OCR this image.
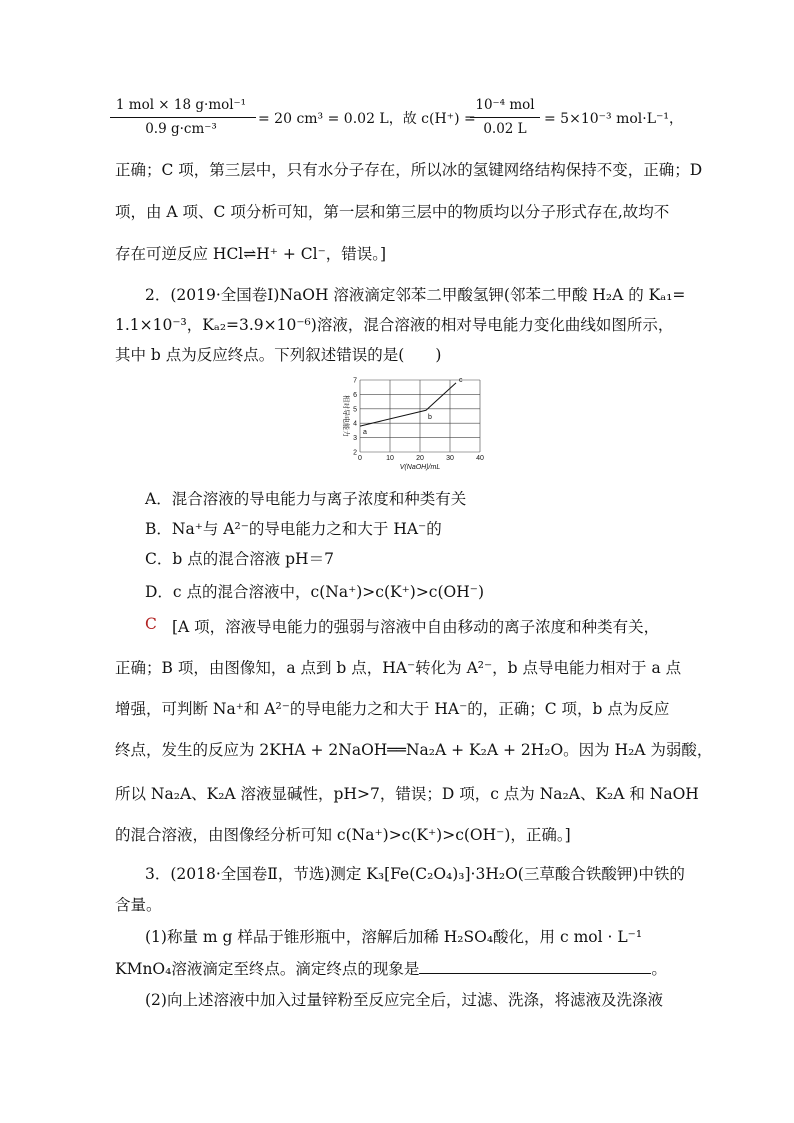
1 mol × 18 g·mol⁻¹
0.9 g·cm⁻³
= 20 cm³ = 0.02 L，故 c(H⁺) =
10⁻⁴ mol
0.02 L
= 5×10⁻³ mol·L⁻¹，
正确；C 项，第三层中，只有水分子存在，所以冰的氢键网络结构保持不变，正确；D
项，由 A 项、C 项分析可知，第一层和第三层中的物质均以分子形式存在,故均不
存在可逆反应 HCl⇌H⁺ + Cl⁻，错误。]
2．(2019·全国卷Ⅰ)NaOH 溶液滴定邻苯二甲酸氢钾(邻苯二甲酸 H₂A 的 Kₐ₁=
1.1×10⁻³，Kₐ₂=3.9×10⁻⁶)溶液，混合溶液的相对导电能力变化曲线如图所示，
其中 b 点为反应终点。下列叙述错误的是(　　)
0	10	20	30	40
2
3
4
5
6
7
V(NaOH)/mL
相对导电能力 a
b
c
A．混合溶液的导电能力与离子浓度和种类有关
B．Na⁺与 A²⁻的导电能力之和大于 HA⁻的
C．b 点的混合溶液 pH＝7
D．c 点的混合溶液中，c(Na⁺)>c(K⁺)>c(OH⁻)
C [A 项，溶液导电能力的强弱与溶液中自由移动的离子浓度和种类有关，
正确；B 项，由图像知，a 点到 b 点，HA⁻转化为 A²⁻，b 点导电能力相对于 a 点
增强，可判断 Na⁺和 A²⁻的导电能力之和大于 HA⁻的，正确；C 项，b 点为反应
终点，发生的反应为 2KHA + 2NaOH══Na₂A + K₂A + 2H₂O。因为 H₂A 为弱酸，
所以 Na₂A、K₂A 溶液显碱性，pH>7，错误；D 项，c 点为 Na₂A、K₂A 和 NaOH
的混合溶液，由图像经分析可知 c(Na⁺)>c(K⁺)>c(OH⁻)，正确。]
3．(2018·全国卷Ⅱ，节选)测定 K₃[Fe(C₂O₄)₃]·3H₂O(三草酸合铁酸钾)中铁的
含量。
(1)称量 m g 样品于锥形瓶中，溶解后加稀 H₂SO₄酸化，用 c mol · L⁻¹
KMnO₄溶液滴定至终点。滴定终点的现象是	。
(2)向上述溶液中加入过量锌粉至反应完全后，过滤、洗涤，将滤液及洗涤液
